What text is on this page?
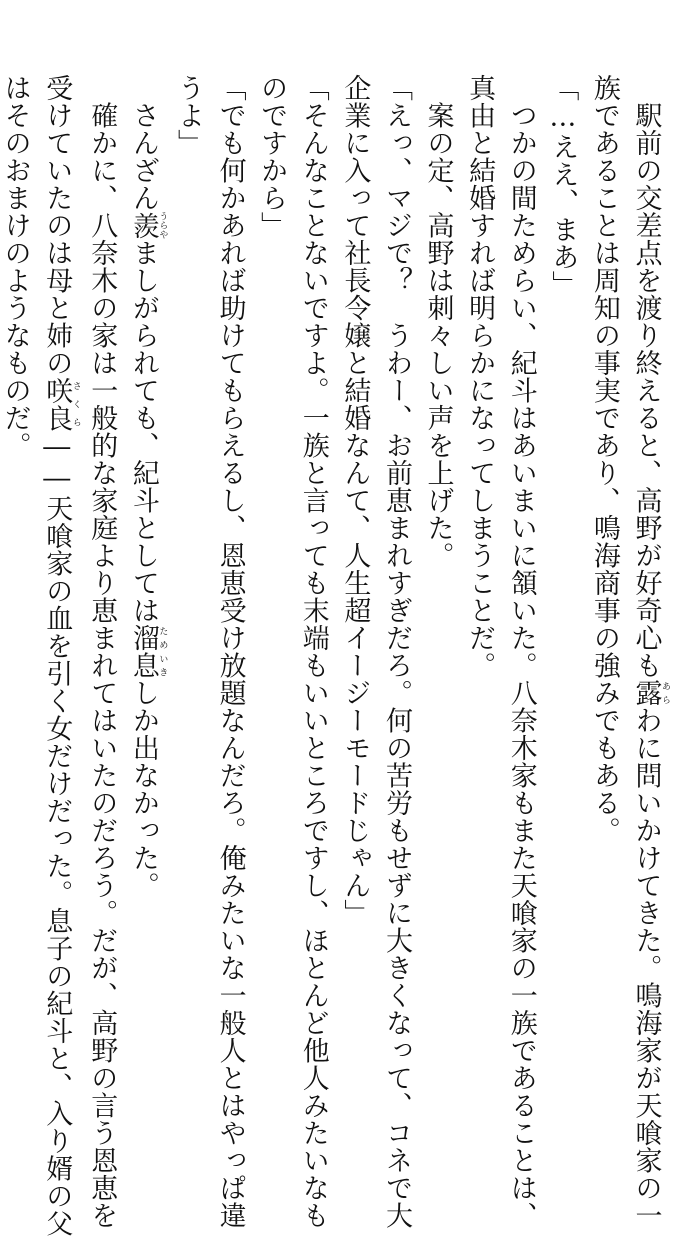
　駅前の交差点を渡り終えると、高野が好奇心も露あらわに問いかけてきた。鳴海家が天喰家の一
族であることは周知の事実であり、鳴海商事の強みでもある。
「…ええ、まあ」
　つかの間ためらい、紀斗はあいまいに頷いた。八奈木家もまた天喰家の一族であることは、
真由と結婚すれば明らかになってしまうことだ。
　案の定、高野は刺々しい声を上げた。
「えっ、マジで？　うわー、お前恵まれすぎだろ。何の苦労もせずに大きくなって、コネで大
企業に入って社長令嬢と結婚なんて、人生超イージーモードじゃん」
「そんなことないですよ。一族と言っても末端もいいところですし、ほとんど他人みたいなも
のですから」
「でも何かあれば助けてもらえるし、恩恵受け放題なんだろ。俺みたいな一般人とはやっぱ違
うよ」
　さんざん羨うらやましがられても、紀斗としては溜息ためいきしか出なかった。
　確かに、八奈木の家は一般的な家庭より恵まれてはいたのだろう。だが、高野の言う恩恵を
受けていたのは母と姉の咲良さくら――天喰家の血を引く女だけだった。息子の紀斗と、入り婿の父
はそのおまけのようなものだ。
